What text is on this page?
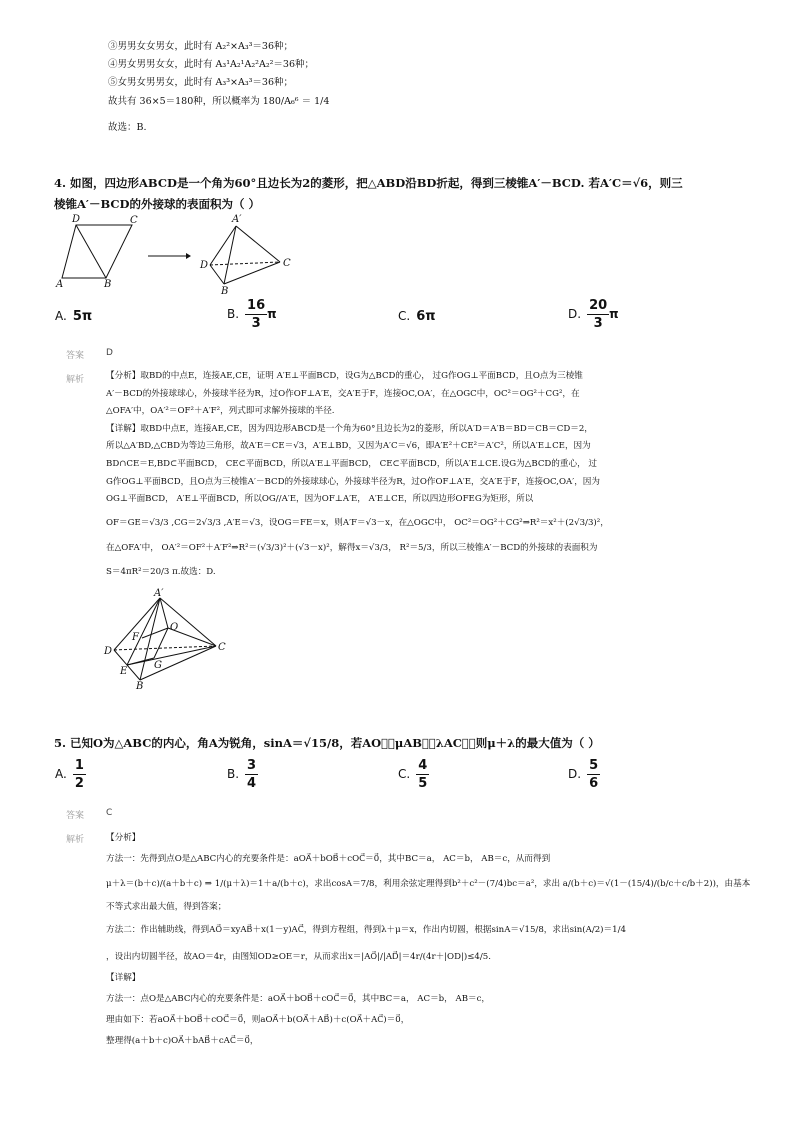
③男男女女男女，此时有 A₂²×A₃³＝36种；
④男女男男女女，此时有 A₃¹A₂¹A₂²A₂²＝36种；
⑤女男女男男女，此时有 A₃³×A₃³＝36种；
故共有 36×5＝180种，所以概率为 180/A₆⁶ ＝ 1/4
故选：B.
4. 如图，四边形ABCD是一个角为60°且边长为2的菱形，把△ABD沿BD折起，得到三棱锥A′－BCD. 若A′C＝√6，则三
棱锥A′－BCD的外接球的表面积为（ ）
D	C
A	B
A′
D	C
B
A. 5π	B. $\frac{16}{3}$ π	C. 6π	D. $\frac{20}{3}$ π
答案 D
解析	【分析】取BD的中点E，连接AE,CE，证明 A′E⊥平面BCD，设G为△BCD的重心， 过G作OG⊥平面BCD，且O点为三棱锥
A′－BCD的外接球球心，外接球半径为R，过O作OF⊥A′E，交A′E于F，连接OC,OA′，在△OGC中，OC²＝OG²＋CG²，在
△OFA′中，OA′²＝OF²＋A′F²，列式即可求解外接球的半径.
【详解】取BD中点E，连接AE,CE，因为四边形ABCD是一个角为60°且边长为2的菱形，所以A′D＝A′B＝BD＝CB＝CD＝2，
所以△A′BD,△CBD为等边三角形，故A′E＝CE＝√3，A′E⊥BD，又因为A′C＝√6，即A′E²＋CE²＝A′C²，所以A′E⊥CE，因为
BD∩CE＝E,BD⊂平面BCD， CE⊂平面BCD，所以A′E⊥平面BCD， CE⊂平面BCD，所以A′E⊥CE.设G为△BCD的重心， 过
G作OG⊥平面BCD，且O点为三棱锥A′－BCD的外接球球心，外接球半径为R，过O作OF⊥A′E，交A′E于F，连接OC,OA′，因为
OG⊥平面BCD， A′E⊥平面BCD，所以OG//A′E，因为OF⊥A′E， A′E⊥CE，所以四边形OFEG为矩形，所以
OF＝GE＝√3/3 ,CG＝2√3/3 ,A′E＝√3，设OG＝FE＝x，则A′F＝√3－x，在△OGC中， OC²＝OG²＋CG²⇒R²＝x²＋(2√3/3)²，
在△OFA′中， OA′²＝OF²＋A′F²⇒R²＝(√3/3)²＋(√3－x)²，解得x＝√3/3， R²＝5/3，所以三棱锥A′－BCD的外接球的表面积为
S＝4πR²＝20/3 π.故选：D.
A′
O
F
D	C
E
G
B
5. 已知O为△ABC的内心，角A为锐角，sinA＝√15/8，若AO⃗＝μAB⃗＋λAC⃗，则μ＋λ的最大值为（ ）
A. $\frac{1}{2}$	B. $\frac{3}{4}$	C. $\frac{4}{5}$	D. $\frac{5}{6}$
答案 C
解析	【分析】
方法一：先得到点O是△ABC内心的充要条件是：aOA⃗＋bOB⃗＋cOC⃗＝0⃗，其中BC＝a， AC＝b， AB＝c，从而得到
μ＋λ＝(b＋c)/(a＋b＋c) ⇒ 1/(μ＋λ)＝1＋a/(b＋c)，求出cosA＝7/8，利用余弦定理得到b²＋c²－(7/4)bc＝a²，求出 a/(b＋c)＝√(1－(15/4)/(b/c＋c/b＋2))，由基本
不等式求出最大值，得到答案；
方法二：作出辅助线，得到AO⃗＝xyAB⃗＋x(1－y)AC⃗，得到方程组，得到λ＋μ＝x，作出内切圆，根据sinA＝√15/8，求出sin(A/2)＝1/4
，设出内切圆半径，故AO＝4r，由图知OD≥OE＝r，从而求出x＝|AO⃗|/|AD⃗|＝4r/(4r＋|OD|)≤4/5.
【详解】
方法一：点O是△ABC内心的充要条件是：aOA⃗＋bOB⃗＋cOC⃗＝0⃗，其中BC＝a， AC＝b， AB＝c，
理由如下：若aOA⃗＋bOB⃗＋cOC⃗＝0⃗，则aOA⃗＋b(OA⃗＋AB⃗)＋c(OA⃗＋AC⃗)＝0⃗，
整理得(a＋b＋c)OA⃗＋bAB⃗＋cAC⃗＝0⃗，
